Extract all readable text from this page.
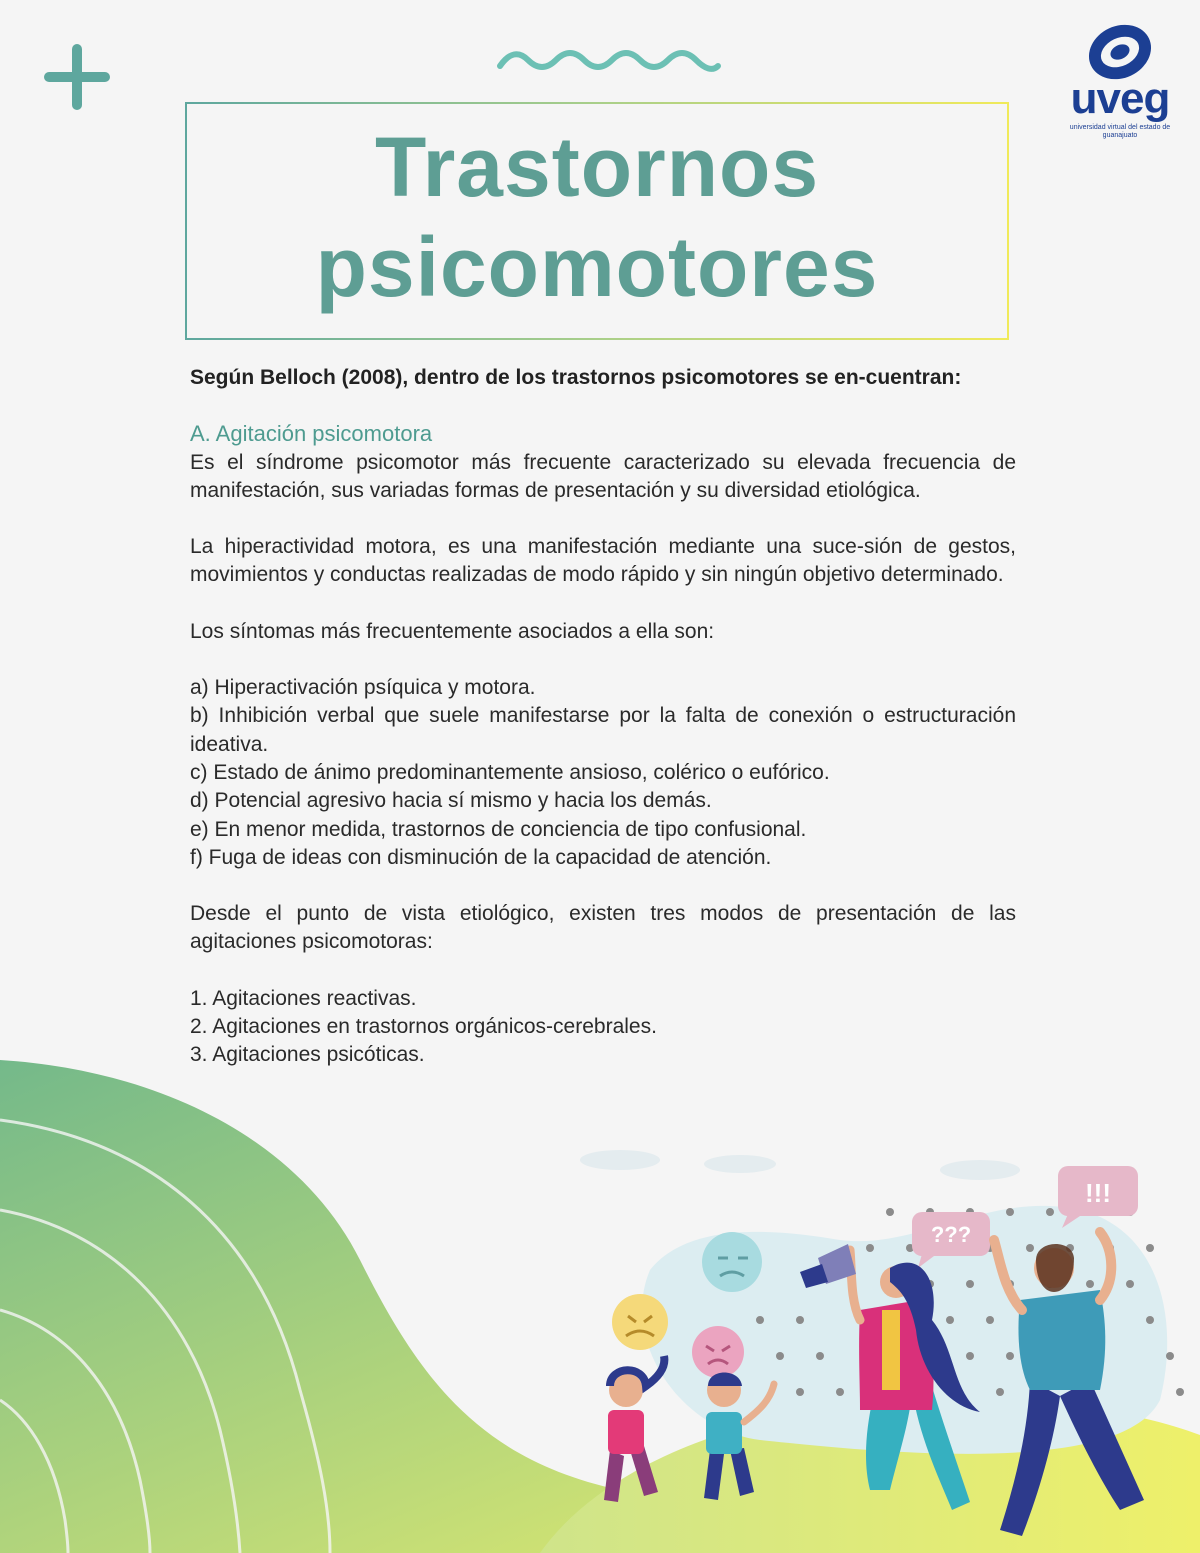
uveg
universidad virtual del estado de guanajuato
Trastornos
psicomotores

Según Belloch (2008), dentro de los trastornos psicomotores se en-cuentran:

A. Agitación psicomotora

Es el síndrome psicomotor más frecuente caracterizado su elevada frecuencia de manifestación, sus variadas formas de presentación y su diversidad etiológica.

La hiperactividad motora, es una manifestación mediante una suce-sión de gestos, movimientos y conductas realizadas de modo rápido y sin ningún objetivo determinado.

Los síntomas más frecuentemente asociados a ella son:

a) Hiperactivación psíquica y motora.

b) Inhibición verbal que suele manifestarse por la falta de conexión o estructuración ideativa.

c) Estado de ánimo predominantemente ansioso, colérico o eufórico.

d) Potencial agresivo hacia sí mismo y hacia los demás.

e) En menor medida, trastornos de conciencia de tipo confusional.

f) Fuga de ideas con disminución de la capacidad de atención.

Desde el punto de vista etiológico, existen tres modos de presentación de las agitaciones psicomotoras:

1. Agitaciones reactivas.

2. Agitaciones en trastornos orgánicos-cerebrales.

3. Agitaciones psicóticas.

???
!!!
